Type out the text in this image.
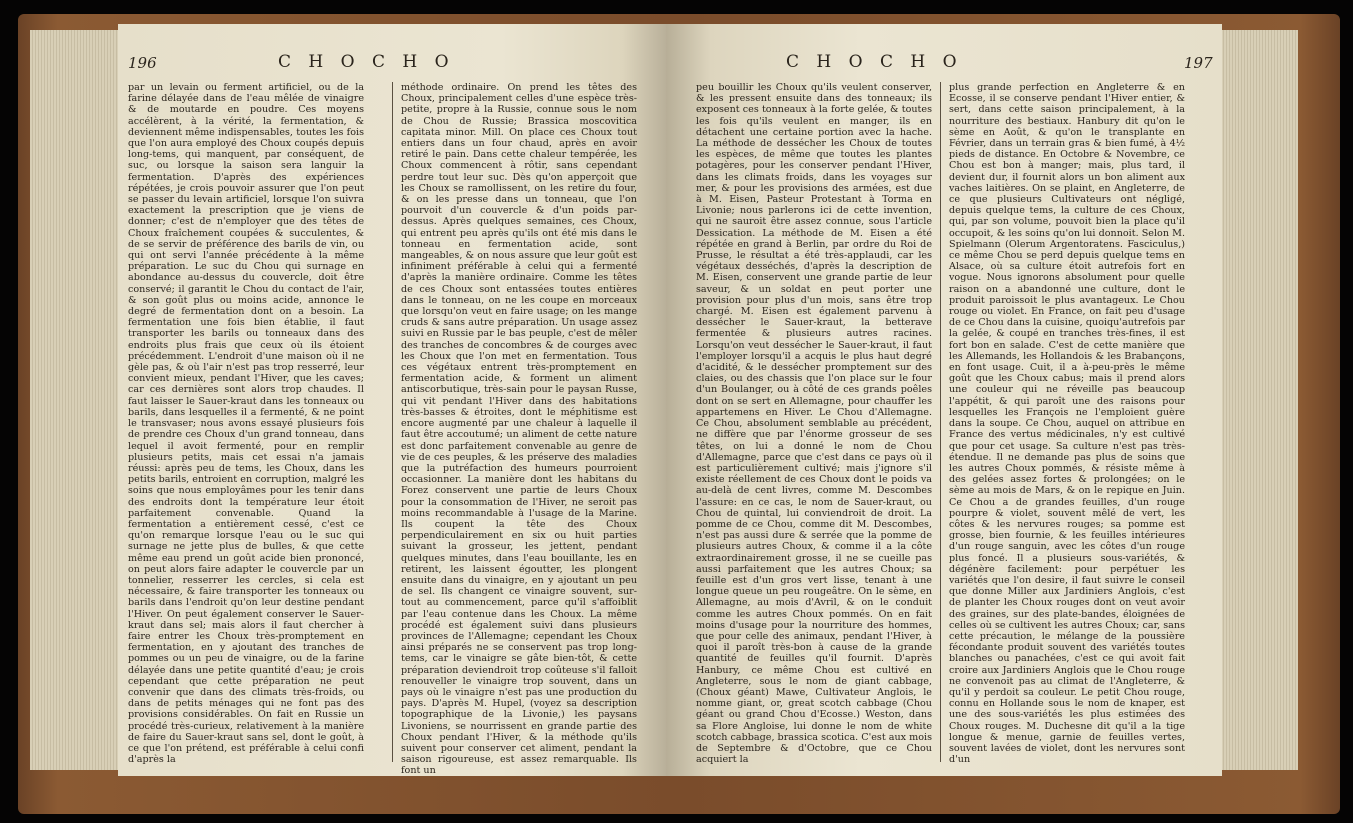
196	C H O C H O
par un levain ou ferment artificiel, ou de la farine délayée dans de l'eau mêlée de vinaigre & de moutarde en poudre. Ces moyens accélèrent, à la vérité, la fermentation, & deviennent même indispensables, toutes les fois que l'on aura employé des Choux coupés depuis long-tems, qui manquent, par conséquent, de suc, ou lorsque la saison sera languir la fermentation. D'après des expériences répétées, je crois pouvoir assurer que l'on peut se passer du levain artificiel, lorsque l'on suivra exactement la prescription que je viens de donner; c'est de n'employer que des têtes de Choux fraîchement coupées & succulentes, & de se servir de préférence des barils de vin, ou qui ont servi l'année précédente à la même préparation. Le suc du Chou qui surnage en abondance au-dessus du couvercle, doit être conservé; il garantit le Chou du contact de l'air, & son goût plus ou moins acide, annonce le degré de fermentation dont on a besoin. La fermentation une fois bien établie, il faut transporter les barils ou tonneaux dans des endroits plus frais que ceux où ils étoient précédemment. L'endroit d'une maison où il ne gèle pas, & où l'air n'est pas trop resserré, leur convient mieux, pendant l'Hiver, que les caves; car ces dernières sont alors trop chaudes. Il faut laisser le Sauer-kraut dans les tonneaux ou barils, dans lesquelles il a fermenté, & ne point le transvaser; nous avons essayé plusieurs fois de prendre ces Choux d'un grand tonneau, dans lequel il avoit fermenté, pour en remplir plusieurs petits, mais cet essai n'a jamais réussi: après peu de tems, les Choux, dans les petits barils, entroient en corruption, malgré les soins que nous employâmes pour les tenir dans des endroits dont la température leur étoit parfaitement convenable. Quand la fermentation a entièrement cessé, c'est ce qu'on remarque lorsque l'eau ou le suc qui surnage ne jette plus de bulles, & que cette même eau prend un goût acide bien prononcé, on peut alors faire adapter le couvercle par un tonnelier, resserrer les cercles, si cela est nécessaire, & faire transporter les tonneaux ou barils dans l'endroit qu'on leur destine pendant l'Hiver. On peut également conserver le Sauer-kraut dans sel; mais alors il faut chercher à faire entrer les Choux très-promptement en fermentation, en y ajoutant des tranches de pommes ou un peu de vinaigre, ou de la farine délayée dans une petite quantité d'eau; je crois cependant que cette préparation ne peut convenir que dans des climats très-froids, ou dans de petits ménages qui ne font pas des provisions considérables. On fait en Russie un procédé très-curieux, relativement à la manière de faire du Sauer-kraut sans sel, dont le goût, à ce que l'on prétend, est préférable à celui confi d'après la
méthode ordinaire. On prend les têtes des Choux, principalement celles d'une espèce très-petite, propre à la Russie, connue sous le nom de Chou de Russie; Brassica moscovitica capitata minor. Mill. On place ces Choux tout entiers dans un four chaud, après en avoir retiré le pain. Dans cette chaleur tempérée, les Choux commencent à rôtir, sans cependant perdre tout leur suc. Dès qu'on apperçoit que les Choux se ramollissent, on les retire du four, & on les presse dans un tonneau, que l'on pourvoit d'un couvercle & d'un poids par-dessus. Après quelques semaines, ces Choux, qui entrent peu après qu'ils ont été mis dans le tonneau en fermentation acide, sont mangeables, & on nous assure que leur goût est infiniment préférable à celui qui a fermenté d'après la manière ordinaire. Comme les têtes de ces Choux sont entassées toutes entières dans le tonneau, on ne les coupe en morceaux que lorsqu'on veut en faire usage; on les mange cruds & sans autre préparation. Un usage assez suivi en Russie par le bas peuple, c'est de mêler des tranches de concombres & de courges avec les Choux que l'on met en fermentation. Tous ces végétaux entrent très-promptement en fermentation acide, & forment un aliment antiscorbutique, très-sain pour le paysan Russe, qui vit pendant l'Hiver dans des habitations très-basses & étroites, dont le méphitisme est encore augmenté par une chaleur à laquelle il faut être accoutumé; un aliment de cette nature est donc parfaitement convenable au genre de vie de ces peuples, & les préserve des maladies que la putréfaction des humeurs pourroient occasionner. La manière dont les habitans du Forez conservent une partie de leurs Choux pour la consommation de l'Hiver, ne seroit pas moins recommandable à l'usage de la Marine. Ils coupent la tête des Choux perpendiculairement en six ou huit parties suivant la grosseur, les jettent, pendant quelques minutes, dans l'eau bouillante, les en retirent, les laissent égoutter, les plongent ensuite dans du vinaigre, en y ajoutant un peu de sel. Ils changent ce vinaigre souvent, sur-tout au commencement, parce qu'il s'affoiblit par l'eau contenue dans les Choux. La même procédé est également suivi dans plusieurs provinces de l'Allemagne; cependant les Choux ainsi préparés ne se conservent pas trop long-tems, car le vinaigre se gâte bien-tôt, & cette préparation deviendroit trop coûteuse s'il falloit renouveller le vinaigre trop souvent, dans un pays où le vinaigre n'est pas une production du pays. D'après M. Hupel, (voyez sa description topographique de la Livonie,) les paysans Livoniens, se nourrissent en grande partie des Choux pendant l'Hiver, & la méthode qu'ils suivent pour conserver cet aliment, pendant la saison rigoureuse, est assez remarquable. Ils font un
C H O C H O	197
peu bouillir les Choux qu'ils veulent conserver, & les pressent ensuite dans des tonneaux; ils exposent ces tonneaux à la forte gelée, & toutes les fois qu'ils veulent en manger, ils en détachent une certaine portion avec la hache. La méthode de dessécher les Choux de toutes les espèces, de même que toutes les plantes potagères, pour les conserver pendant l'Hiver, dans les climats froids, dans les voyages sur mer, & pour les provisions des armées, est due à M. Eisen, Pasteur Protestant à Torma en Livonie; nous parlerons ici de cette invention, qui ne sauroit être assez connue, sous l'article Dessication. La méthode de M. Eisen a été répétée en grand à Berlin, par ordre du Roi de Prusse, le résultat a été très-applaudi, car les végétaux desséchés, d'après la description de M. Eisen, conservent une grande partie de leur saveur, & un soldat en peut porter une provision pour plus d'un mois, sans être trop chargé. M. Eisen est également parvenu à dessécher le Sauer-kraut, la betterave fermentée & plusieurs autres racines. Lorsqu'on veut dessécher le Sauer-kraut, il faut l'employer lorsqu'il a acquis le plus haut degré d'acidité, & le dessécher promptement sur des claies, ou des chassis que l'on place sur le four d'un Boulanger, ou à côté de ces grands poêles dont on se sert en Allemagne, pour chauffer les appartemens en Hiver. Le Chou d'Allemagne. Ce Chou, absolument semblable au précédent, ne diffère que par l'énorme grosseur de ses têtes, on lui a donné le nom de Chou d'Allemagne, parce que c'est dans ce pays où il est particulièrement cultivé; mais j'ignore s'il existe réellement de ces Choux dont le poids va au-delà de cent livres, comme M. Descombes l'assure: en ce cas, le nom de Sauer-kraut, ou Chou de quintal, lui conviendroit de droit. La pomme de ce Chou, comme dit M. Descombes, n'est pas aussi dure & serrée que la pomme de plusieurs autres Choux, & comme il a la côte extraordinairement grosse, il ne se cueille pas aussi parfaitement que les autres Choux; sa feuille est d'un gros vert lisse, tenant à une longue queue un peu rougeâtre. On le sème, en Allemagne, au mois d'Avril, & on le conduit comme les autres Choux pommés. On en fait moins d'usage pour la nourriture des hommes, que pour celle des animaux, pendant l'Hiver, à quoi il paroît très-bon à cause de la grande quantité de feuilles qu'il fournit. D'après Hanbury, ce même Chou est cultivé en Angleterre, sous le nom de giant cabbage, (Choux géant) Mawe, Cultivateur Anglois, le nomme giant, or, great scotch cabbage (Chou géant ou grand Chou d'Ecosse.) Weston, dans sa Flore Angloise, lui donne le nom de white scotch cabbage, brassica scotica. C'est aux mois de Septembre & d'Octobre, que ce Chou acquiert la
plus grande perfection en Angleterre & en Ecosse, il se conserve pendant l'Hiver entier, & sert, dans cette saison principalement, à la nourriture des bestiaux. Hanbury dit qu'on le sème en Août, & qu'on le transplante en Février, dans un terrain gras & bien fumé, à 4½ pieds de distance. En Octobre & Novembre, ce Chou est bon à manger; mais, plus tard, il devient dur, il fournit alors un bon aliment aux vaches laitières. On se plaint, en Angleterre, de ce que plusieurs Cultivateurs ont négligé, depuis quelque tems, la culture de ces Choux, qui, par son volume, pouvoit bien la place qu'il occupoit, & les soins qu'on lui donnoit. Selon M. Spielmann (Olerum Argentoratens. Fasciculus,) ce même Chou se perd depuis quelque tems en Alsace, où sa culture étoit autrefois fort en vogue. Nous ignorons absolument pour quelle raison on a abandonné une culture, dont le produit paroissoit le plus avantageux. Le Chou rouge ou violet. En France, on fait peu d'usage de ce Chou dans la cuisine, quoiqu'autrefois par la gelée, & coupé en tranches très-fines, il est fort bon en salade. C'est de cette manière que les Allemands, les Hollandois & les Brabançons, en font usage. Cuit, il a à-peu-près le même goût que les Choux cabus; mais il prend alors une couleur qui ne réveille pas beaucoup l'appétit, & qui paroît une des raisons pour lesquelles les François ne l'emploient guère dans la soupe. Ce Chou, auquel on attribue en France des vertus médicinales, n'y est cultivé que pour cet usage. Sa culture n'est pas très-étendue. Il ne demande pas plus de soins que les autres Choux pommés, & résiste même à des gelées assez fortes & prolongées; on le sème au mois de Mars, & on le repique en Juin. Ce Chou a de grandes feuilles, d'un rouge pourpre & violet, souvent mêlé de vert, les côtes & les nervures rouges; sa pomme est grosse, bien fournie, & les feuilles intérieures d'un rouge sanguin, avec les côtes d'un rouge plus foncé. Il a plusieurs sous-variétés, & dégénère facilement: pour perpétuer les variétés que l'on desire, il faut suivre le conseil que donne Miller aux Jardiniers Anglois, c'est de planter les Choux rouges dont on veut avoir des graines, sur des plate-bandes, éloignées de celles où se cultivent les autres Choux; car, sans cette précaution, le mélange de la poussière fécondante produit souvent des variétés toutes blanches ou panachées, c'est ce qui avoit fait croire aux Jardiniers Anglois que le Chou rouge ne convenoit pas au climat de l'Angleterre, & qu'il y perdoit sa couleur. Le petit Chou rouge, connu en Hollande sous le nom de knaper, est une des sous-variétés les plus estimées des Choux rouges. M. Duchesne dit qu'il a la tige longue & menue, garnie de feuilles vertes, souvent lavées de violet, dont les nervures sont d'un
